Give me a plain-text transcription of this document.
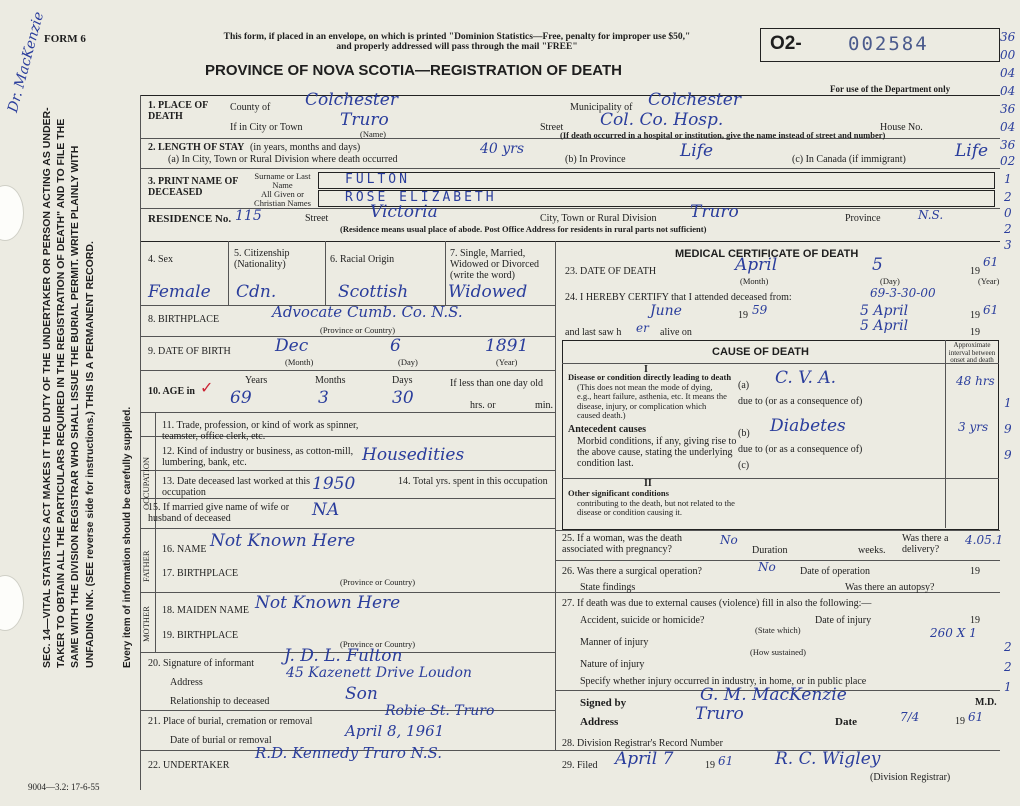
FORM 6
Dr. MacKenzie	This form, if placed in an envelope, on which is printed "Dominion Statistics—Free, penalty for improper use $50," and properly addressed will pass through the mail "FREE"
PROVINCE OF NOVA SCOTIA—REGISTRATION OF DEATH
O2- 002584
For use of the Department only
SEC. 14—VITAL STATISTICS ACT MAKES IT THE DUTY OF THE UNDERTAKER OR PERSON ACTING AS UNDER-TAKER TO OBTAIN ALL THE PARTICULARS REQUIRED IN THE REGISTRATION OF DEATH" AND TO FILE THE SAME WITH THE DIVISION REGISTRAR WHO SHALL ISSUE THE BURIAL PERMIT. WRITE PLAINLY WITH UNFADING INK. (SEE reverse side for instructions.) THIS IS A PERMANENT RECORD.	Every item of information should be carefully supplied.
9004—3.2: 17-6-55
1. PLACE OF DEATH
County of Colchester	Municipality of Colchester
If in City or Town Truro
(Name)
Street Col. Co. Hosp.	House No.
(If death occurred in a hospital or institution, give the name instead of street and number)
2. LENGTH OF STAY (in years, months and days)
(a) In City, Town or Rural Division where death occurred
40 yrs
(b) In Province	Life	(c) In Canada (if immigrant)	Life
3. PRINT NAME OF DECEASED
Surname or Last Name
All Given or Christian Names
FULTON
ROSE ELIZABETH
RESIDENCE No. 115	Street Victoria	City, Town or Rural Division Truro	Province	N.S.
(Residence means usual place of abode. Post Office Address for residents in rural parts not sufficient)
4. Sex
Female
5. Citizenship (Nationality)
Cdn.
6. Racial Origin
Scottish
7. Single, Married, Widowed or Divorced (write the word)
Widowed
8. BIRTHPLACE	Advocate Cumb. Co. N.S.
(Province or Country)
9. DATE OF BIRTH	Dec	6	1891
(Month)	(Day)	(Year)
10. AGE in ✓	Years	Months	Days
69	3	30
If less than one day old
hrs. or	min.
OCCUPATION
11. Trade, profession, or kind of work as spinner, teamster, office clerk, etc.
12. Kind of industry or business, as cotton-mill, lumbering, bank, etc.	Housedities
13. Date deceased last worked at this occupation	1950	14. Total yrs. spent in this occupation
15. If married give name of wife or husband of deceased	NA
FATHER
MOTHER
16. NAME Not Known Here
17. BIRTHPLACE
(Province or Country)
18. MAIDEN NAME Not Known Here
19. BIRTHPLACE
(Province or Country)
20. Signature of informant J. D. L. Fulton
Address
45 Kazenett Drive Loudon
Relationship to deceased	Son
21. Place of burial, cremation or removal
Robie St. Truro
Date of burial or removal
April 8, 1961
22. UNDERTAKER
R.D. Kennedy Truro N.S.
MEDICAL CERTIFICATE OF DEATH
23. DATE OF DEATH	April	5	19
61
(Month)	(Day)	(Year)
24. I HEREBY CERTIFY that I attended deceased from:	69-3-30-00
June	19 59	5 April	19 61
and last saw h er alive on	5 April	19
CAUSE OF DEATH
Approximate interval between onset and death
I
Disease or condition directly leading to death
(This does not mean the mode of dying, e.g., heart failure, asthenia, etc. It means the disease, injury, or complication which caused death.)
(a) C. V. A.	48 hrs
due to (or as a consequence of)
Antecedent causes
Morbid conditions, if any, giving rise to the above cause, stating the underlying condition last.
(b) Diabetes	3 yrs
due to (or as a consequence of)
(c)
II
Other significant conditions
contributing to the death, but not related to the disease or condition causing it.
25. If a woman, was the death associated with pregnancy?
No
Duration	weeks.
Was there a delivery?
26. Was there a surgical operation?	No Date of operation	19
State findings	Was there an autopsy?
27. If death was due to external causes (violence) fill in also the following:—
Accident, suicide or homicide?
(State which)
Date of injury	19
Manner of injury
(How sustained)
Nature of injury
Specify whether injury occurred in industry, in home, or in public place
Signed by	G. M. MacKenzie	M.D.
Address	Truro	Date	7/4	19 61
28. Division Registrar's Record Number
29. Filed April 7	19 61 R. C. Wigley
(Division Registrar)
36
00
04
04
36
04
36
02
1
2
0
2
3
1
9
9
4.05.1
260 X 1
2
2
1
